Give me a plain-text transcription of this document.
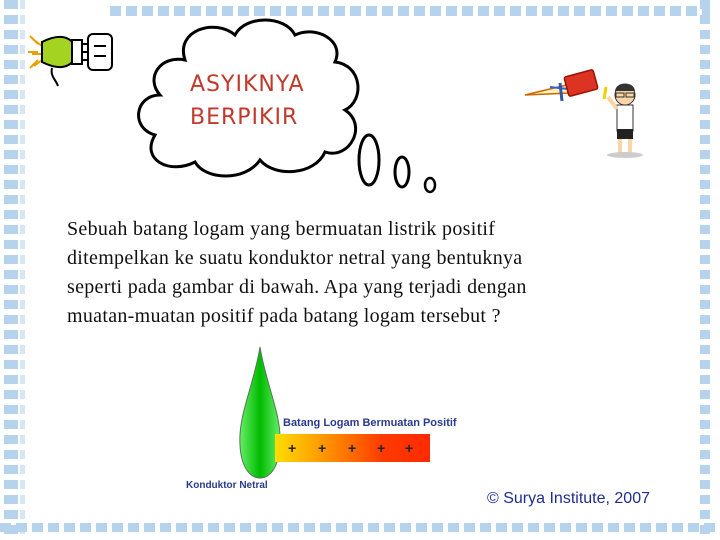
ASYIKNYA
BERPIKIR
Sebuah batang logam yang bermuatan listrik positif
ditempelkan ke suatu konduktor netral yang bentuknya
seperti pada gambar di bawah. Apa yang terjadi dengan
muatan-muatan positif pada batang logam tersebut ?
Batang Logam Bermuatan Positif
+ + + + +
Konduktor Netral
© Surya Institute, 2007
